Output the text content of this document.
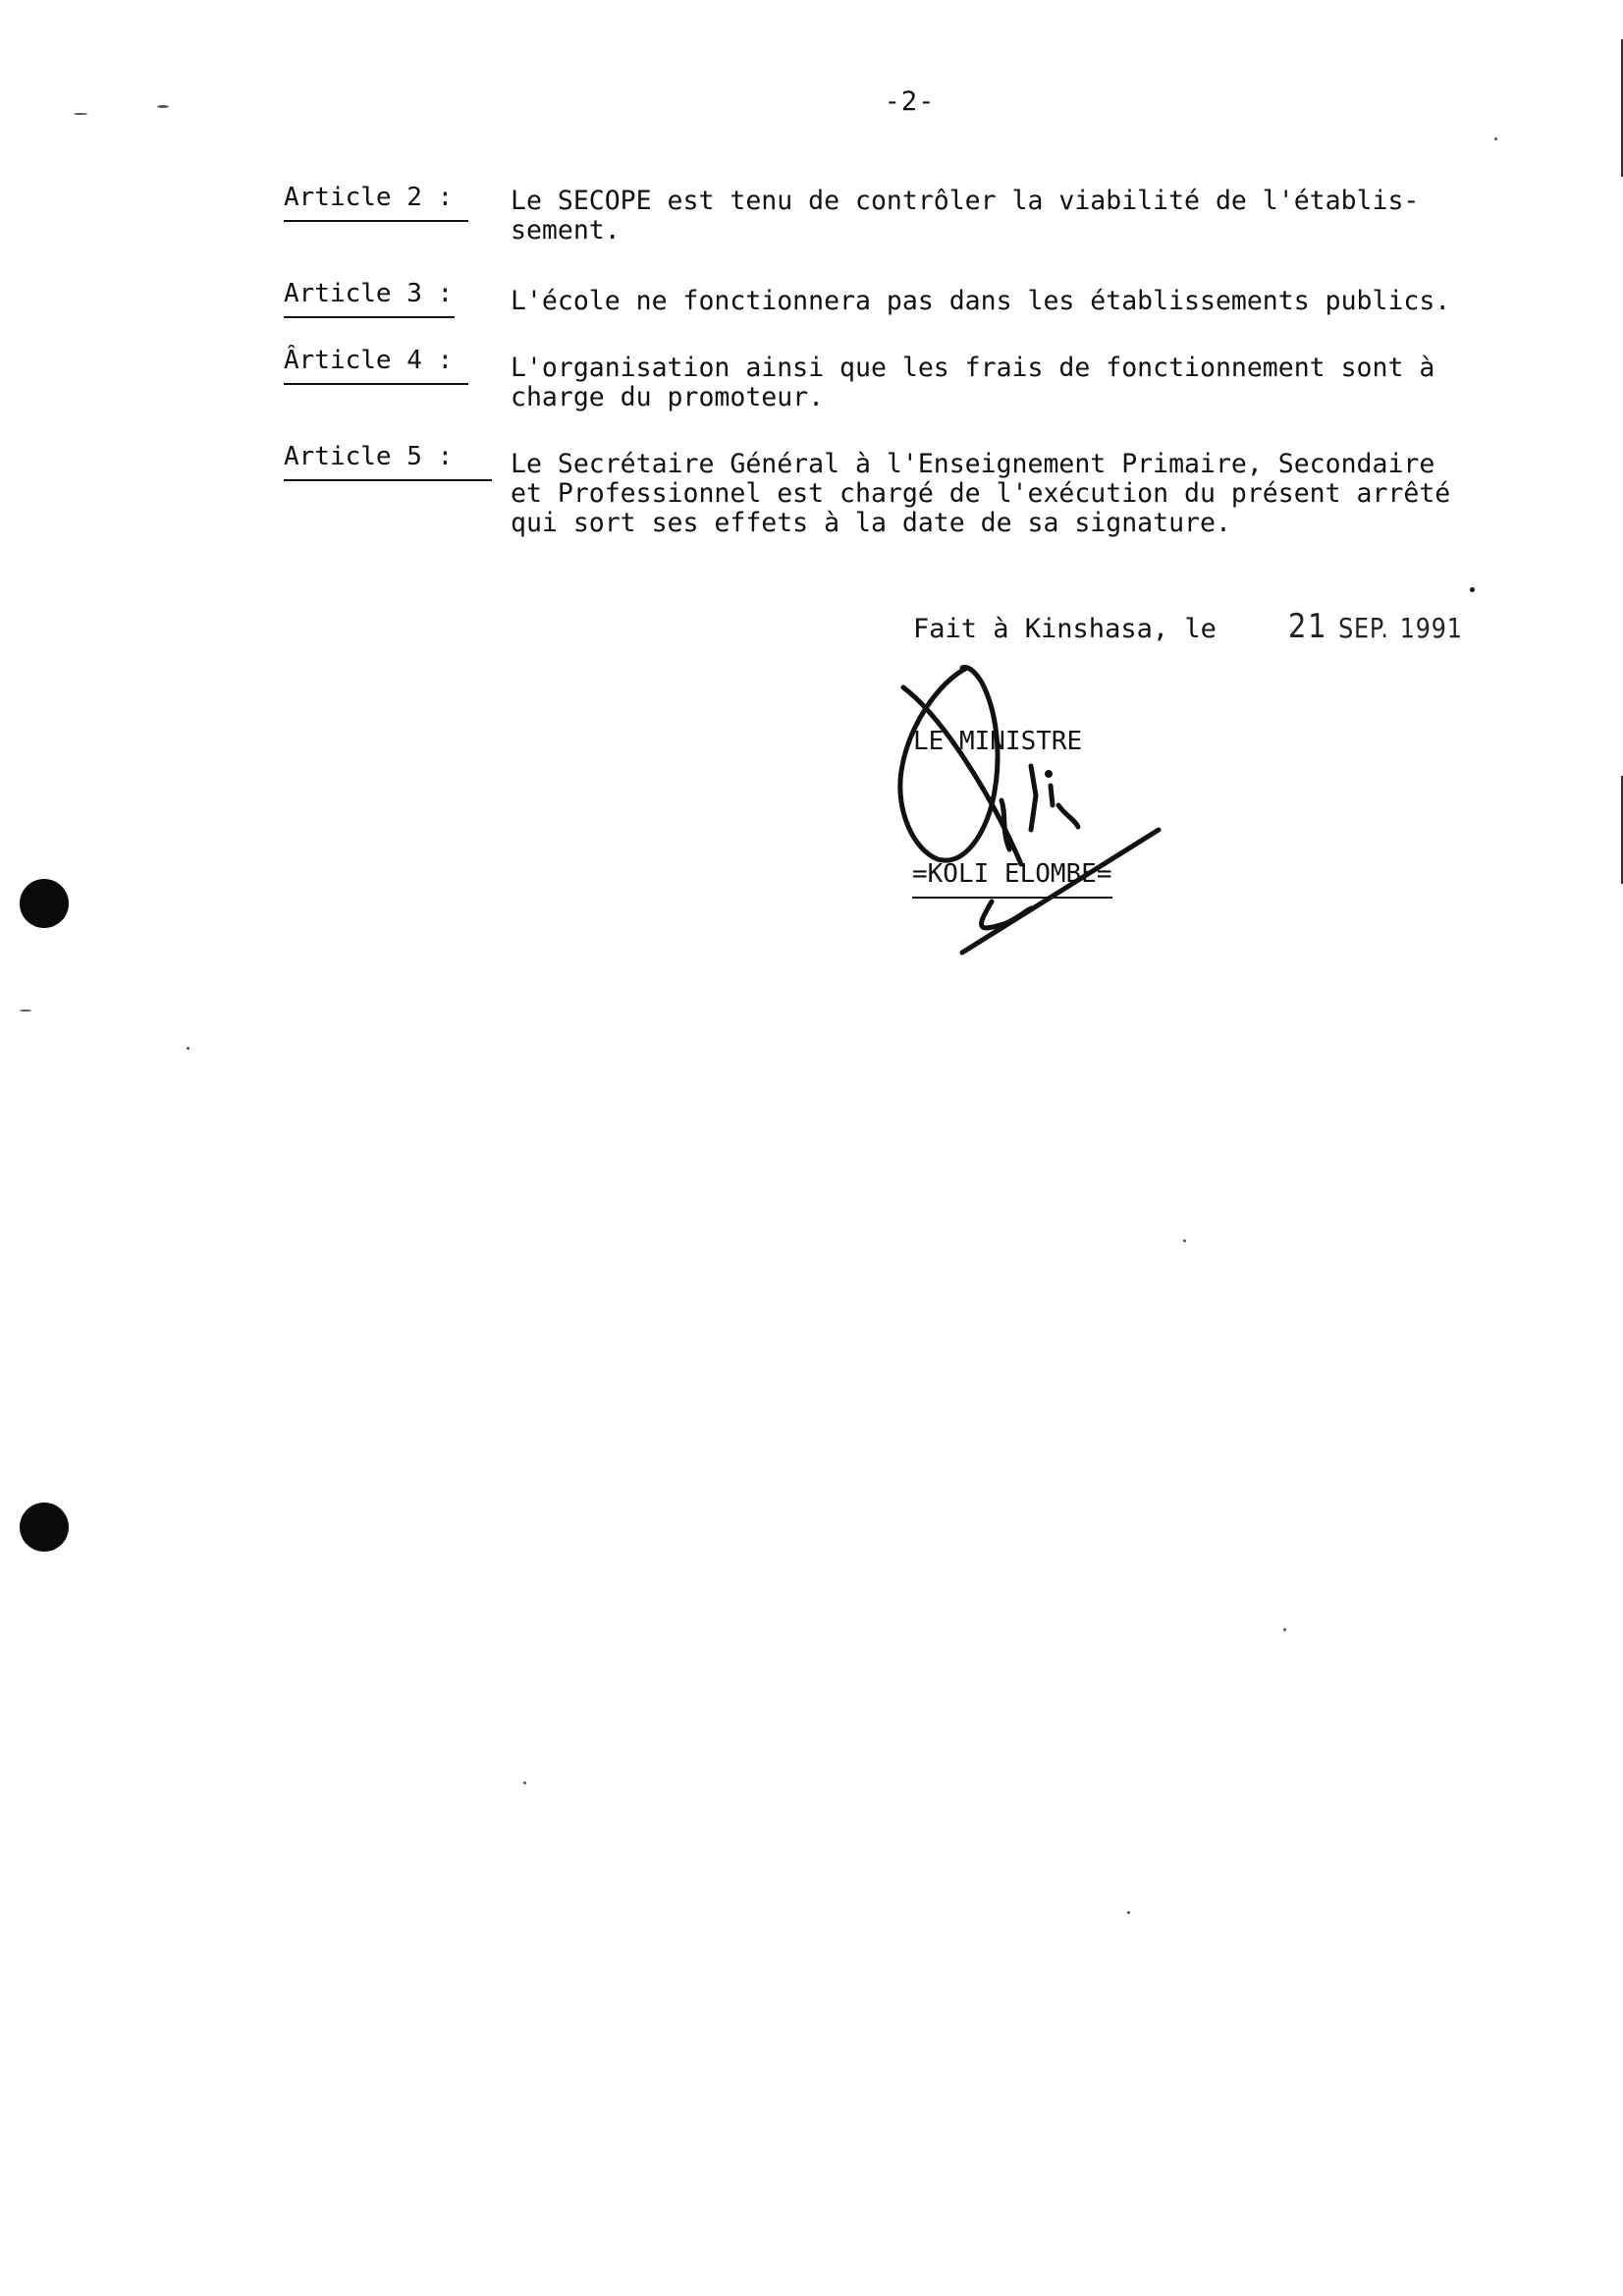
-2-
Article 2 :	Le SECOPE est tenu de contrôler la viabilité de l'établis-
sement.
Article 3 :	L'école ne fonctionnera pas dans les établissements publics.
Ârticle 4 :	L'organisation ainsi que les frais de fonctionnement sont à
charge du promoteur.
Article 5 :	Le Secrétaire Général à l'Enseignement Primaire, Secondaire
et Professionnel est chargé de l'exécution du présent arrêté
qui sort ses effets à la date de sa signature.
Fait à Kinshasa, le 21 SEP. 1991
LE MINISTRE
=KOLI ELOMBE=
